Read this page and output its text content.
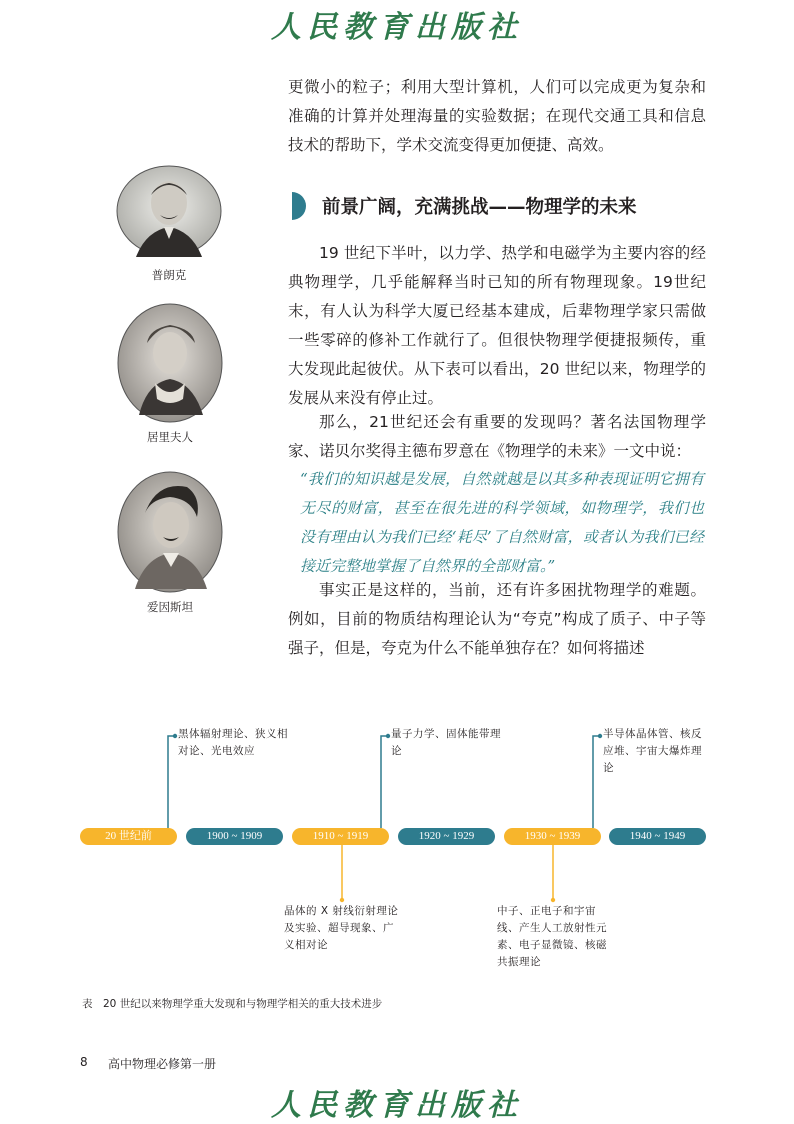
人民教育出版社

更微小的粒子；利用大型计算机，人们可以完成更为复杂和准确的计算并处理海量的实验数据；在现代交通工具和信息技术的帮助下，学术交流变得更加便捷、高效。

前景广阔，充满挑战——物理学的未来

19 世纪下半叶，以力学、热学和电磁学为主要内容的经典物理学，几乎能解释当时已知的所有物理现象。19世纪末，有人认为科学大厦已经基本建成，后辈物理学家只需做一些零碎的修补工作就行了。但很快物理学便捷报频传，重大发现此起彼伏。从下表可以看出，20 世纪以来，物理学的发展从来没有停止过。

那么，21世纪还会有重要的发现吗？著名法国物理学家、诺贝尔奖得主德布罗意在《物理学的未来》一文中说：

“我们的知识越是发展，自然就越是以其多种表现证明它拥有无尽的财富，甚至在很先进的科学领域，如物理学，我们也没有理由认为我们已经‘耗尽’了自然财富，或者认为我们已经接近完整地掌握了自然界的全部财富。”

事实正是这样的，当前，还有许多困扰物理学的难题。例如，目前的物质结构理论认为“夸克”构成了质子、中子等强子，但是，夸克为什么不能单独存在？如何将描述

普朗克
居里夫人
爱因斯坦
黑体辐射理论、狭义相对论、光电效应
量子力学、固体能带理论
半导体晶体管、核反应堆、宇宙大爆炸理论
20 世纪前	1900 ~ 1909	1910 ~ 1919	1920 ~ 1929	1930 ~ 1939	1940 ~ 1949
晶体的 X 射线衍射理论及实验、超导现象、广义相对论
中子、正电子和宇宙线、产生人工放射性元素、电子显微镜、核磁共振理论
表　20 世纪以来物理学重大发现和与物理学相关的重大技术进步
8 高中物理必修第一册
人民教育出版社
